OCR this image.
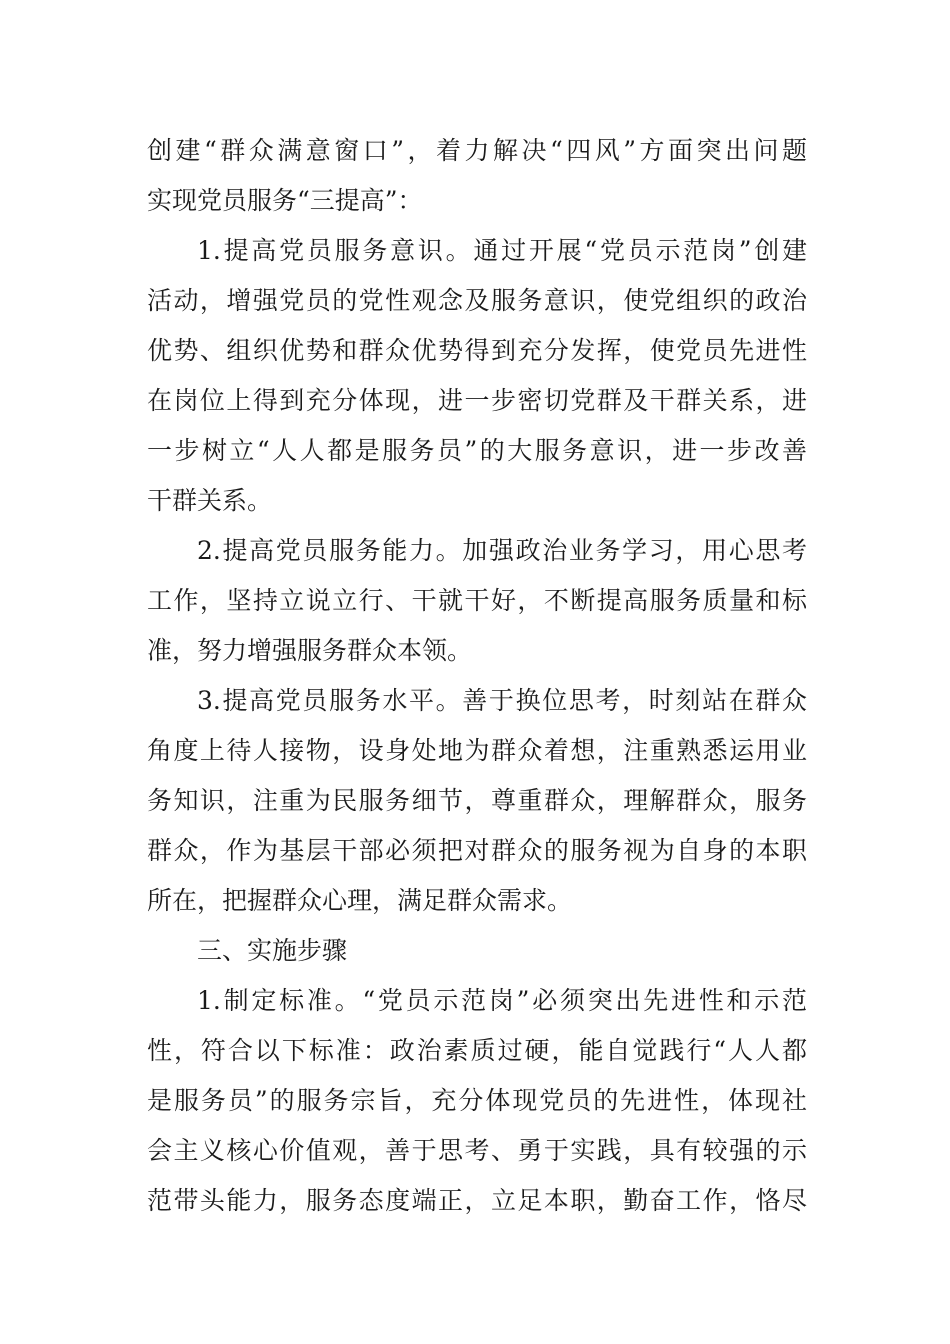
创建“群众满意窗口”，着力解决“四风”方面突出问题

实现党员服务“三提高”：

1.提高党员服务意识。通过开展“党员示范岗”创建

活动，增强党员的党性观念及服务意识，使党组织的政治

优势、组织优势和群众优势得到充分发挥，使党员先进性

在岗位上得到充分体现，进一步密切党群及干群关系，进

一步树立“人人都是服务员”的大服务意识，进一步改善

干群关系。

2.提高党员服务能力。加强政治业务学习，用心思考

工作，坚持立说立行、干就干好，不断提高服务质量和标

准，努力增强服务群众本领。

3.提高党员服务水平。善于换位思考，时刻站在群众

角度上待人接物，设身处地为群众着想，注重熟悉运用业

务知识，注重为民服务细节，尊重群众，理解群众，服务

群众，作为基层干部必须把对群众的服务视为自身的本职

所在，把握群众心理，满足群众需求。

三、实施步骤

1.制定标准。“党员示范岗”必须突出先进性和示范

性，符合以下标准：政治素质过硬，能自觉践行“人人都

是服务员”的服务宗旨，充分体现党员的先进性，体现社

会主义核心价值观，善于思考、勇于实践，具有较强的示

范带头能力，服务态度端正，立足本职，勤奋工作，恪尽
